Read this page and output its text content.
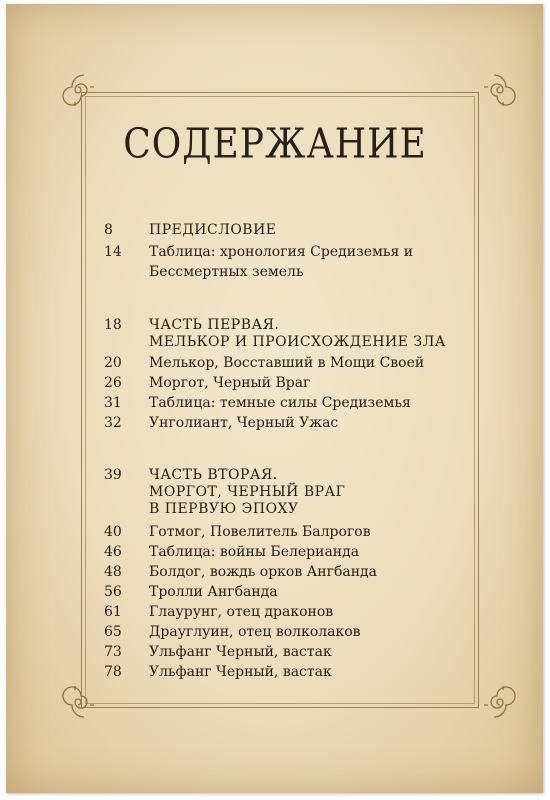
СОДЕРЖАНИЕ
8	ПРЕДИСЛОВИЕ
14 Таблица: хронология Средиземья и
Бессмертных земель
18 ЧАСТЬ ПЕРВАЯ.
МЕЛЬКОР И ПРОИСХОЖДЕНИЕ ЗЛА
20 Мелькор, Восставший в Мощи Своей
26 Моргот, Черный Враг
31 Таблица: темные силы Средиземья
32 Унголиант, Черный Ужас
39 ЧАСТЬ ВТОРАЯ.
МОРГОТ, ЧЕРНЫЙ ВРАГ
В ПЕРВУЮ ЭПОХУ
40 Готмог, Повелитель Балрогов
46 Таблица: войны Белерианда
48 Болдог, вождь орков Ангбанда
56 Тролли Ангбанда
61 Глаурунг, отец драконов
65 Драуглуин, отец волколаков
73 Ульфанг Черный, вастак
78 Ульфанг Черный, вастак
